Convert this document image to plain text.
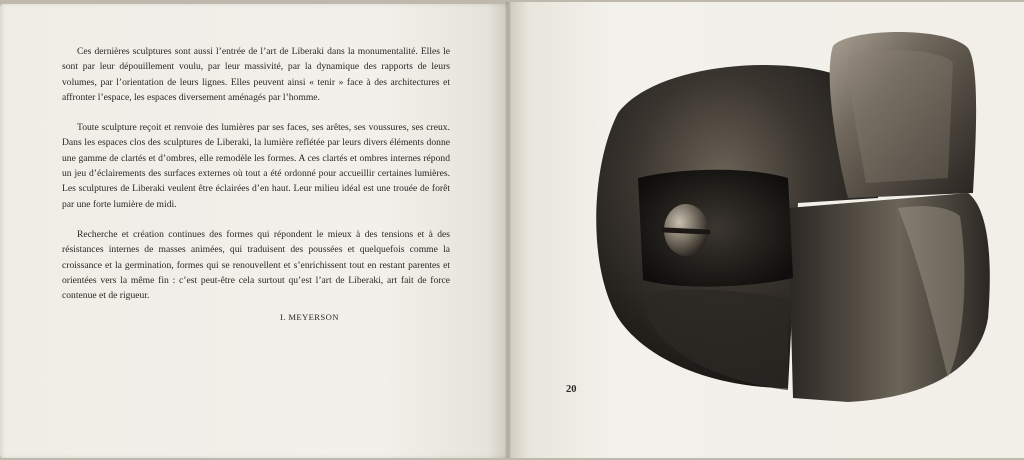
Ces dernières sculptures sont aussi l’entrée de l’art de Liberaki dans la monumentalité. Elles le sont par leur dépouillement voulu, par leur massivité, par la dynamique des rapports de leurs volumes, par l’orientation de leurs lignes. Elles peuvent ainsi « tenir » face à des architectures et affronter l’espace, les espaces diversement aménagés par l’homme.

Toute sculpture reçoit et renvoie des lumières par ses faces, ses arêtes, ses voussures, ses creux. Dans les espaces clos des sculptures de Liberaki, la lumière reflétée par leurs divers éléments donne une gamme de clartés et d’ombres, elle remodèle les formes. A ces clartés et ombres internes répond un jeu d’éclairements des surfaces externes où tout a été ordonné pour accueillir certaines lumières. Les sculptures de Liberaki veulent être éclairées d’en haut. Leur milieu idéal est une trouée de forêt par une forte lumière de midi.

Recherche et création continues des formes qui répondent le mieux à des tensions et à des résistances internes de masses animées, qui traduisent des poussées et quelquefois comme la croissance et la germination, formes qui se renouvellent et s’enrichissent tout en restant parentes et orientées vers la même fin : c’est peut-être cela surtout qu’est l’art de Liberaki, art fait de force contenue et de rigueur.

I. MEYERSON
20
